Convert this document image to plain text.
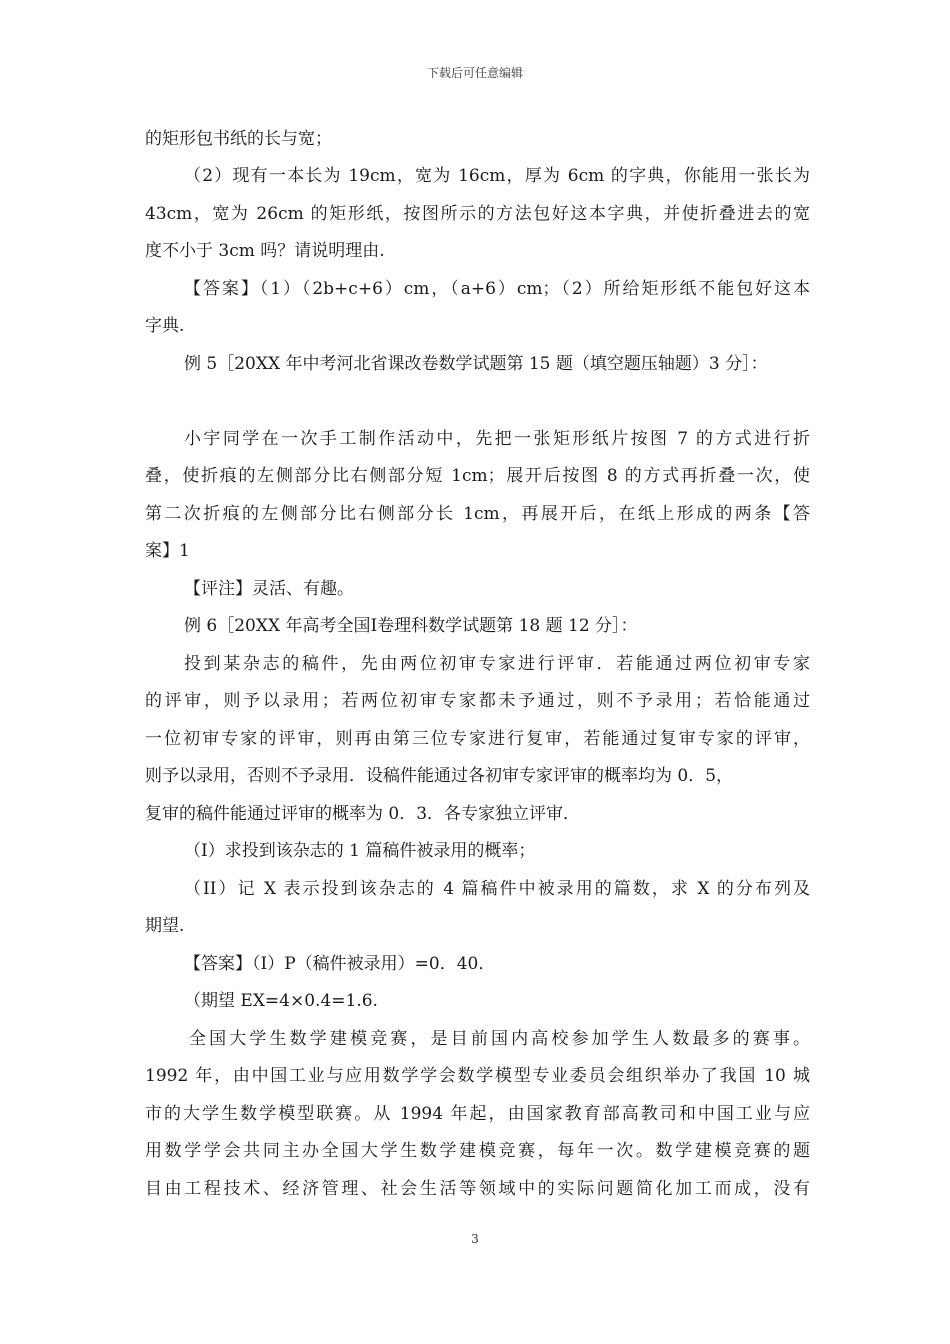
下载后可任意编辑
的矩形包书纸的长与宽；
（2）现有一本长为 19cm，宽为 16cm，厚为 6cm 的字典，你能用一张长为
43cm，宽为 26cm 的矩形纸，按图所示的方法包好这本字典，并使折叠进去的宽
度不小于 3cm 吗？请说明理由.
【答案】（1）（2b+c+6）cm，（a+6）cm；（2）所给矩形纸不能包好这本
字典.
例 5［20XX 年中考河北省课改卷数学试题第 15 题（填空题压轴题）3 分］：
小宇同学在一次手工制作活动中，先把一张矩形纸片按图 7 的方式进行折
叠，使折痕的左侧部分比右侧部分短 1cm；展开后按图 8 的方式再折叠一次，使
第二次折痕的左侧部分比右侧部分长 1cm，再展开后，在纸上形成的两条【答
案】1
【评注】灵活、有趣。
例 6［20XX 年高考全国Ⅰ卷理科数学试题第 18 题 12 分］：
投到某杂志的稿件，先由两位初审专家进行评审．若能通过两位初审专家
的评审，则予以录用；若两位初审专家都未予通过，则不予录用；若恰能通过
一位初审专家的评审，则再由第三位专家进行复审，若能通过复审专家的评审，
则予以录用，否则不予录用．设稿件能通过各初审专家评审的概率均为 0．5，
复审的稿件能通过评审的概率为 0．3．各专家独立评审．
（I）求投到该杂志的 1 篇稿件被录用的概率；
（II）记 X 表示投到该杂志的 4 篇稿件中被录用的篇数，求 X 的分布列及
期望.
【答案】（I）P（稿件被录用）=0．40．
（期望 EX=4×0.4=1.6.
全国大学生数学建模竞赛，是目前国内高校参加学生人数最多的赛事。
1992 年，由中国工业与应用数学学会数学模型专业委员会组织举办了我国 10 城
市的大学生数学模型联赛。从 1994 年起，由国家教育部高教司和中国工业与应
用数学学会共同主办全国大学生数学建模竞赛，每年一次。数学建模竞赛的题
目由工程技术、经济管理、社会生活等领域中的实际问题简化加工而成，没有
3
